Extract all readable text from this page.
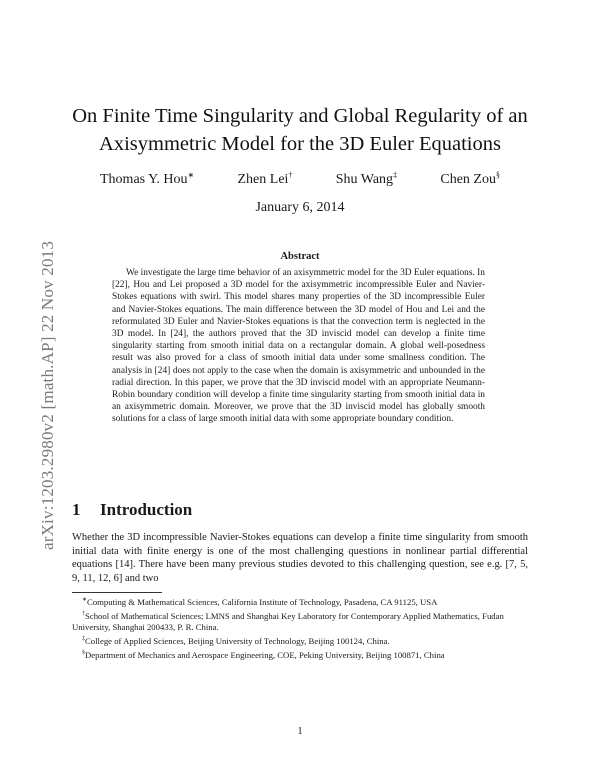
arXiv:1203.2980v2 [math.AP] 22 Nov 2013
On Finite Time Singularity and Global Regularity of an Axisymmetric Model for the 3D Euler Equations
Thomas Y. Hou∗	Zhen Lei†	Shu Wang‡	Chen Zou§
January 6, 2014
Abstract
We investigate the large time behavior of an axisymmetric model for the 3D Euler equations. In [22], Hou and Lei proposed a 3D model for the axisymmetric incompressible Euler and Navier-Stokes equations with swirl. This model shares many properties of the 3D incompressible Euler and Navier-Stokes equations. The main difference between the 3D model of Hou and Lei and the reformulated 3D Euler and Navier-Stokes equations is that the convection term is neglected in the 3D model. In [24], the authors proved that the 3D inviscid model can develop a finite time singularity starting from smooth initial data on a rectangular domain. A global well-posedness result was also proved for a class of smooth initial data under some smallness condition. The analysis in [24] does not apply to the case when the domain is axisymmetric and unbounded in the radial direction. In this paper, we prove that the 3D inviscid model with an appropriate Neumann-Robin boundary condition will develop a finite time singularity starting from smooth initial data in an axisymmetric domain. Moreover, we prove that the 3D inviscid model has globally smooth solutions for a class of large smooth initial data with some appropriate boundary condition.
1 Introduction
Whether the 3D incompressible Navier-Stokes equations can develop a finite time singularity from smooth initial data with finite energy is one of the most challenging questions in nonlinear partial differential equations [14]. There have been many previous studies devoted to this challenging question, see e.g. [7, 5, 9, 11, 12, 6] and two

∗Computing & Mathematical Sciences, California Institute of Technology, Pasadena, CA 91125, USA

†School of Mathematical Sciences; LMNS and Shanghai Key Laboratory for Contemporary Applied Mathematics, Fudan University, Shanghai 200433, P. R. China.

‡College of Applied Sciences, Beijing University of Technology, Beijing 100124, China.

§Department of Mechanics and Aerospace Engineering, COE, Peking University, Beijing 100871, China

1
